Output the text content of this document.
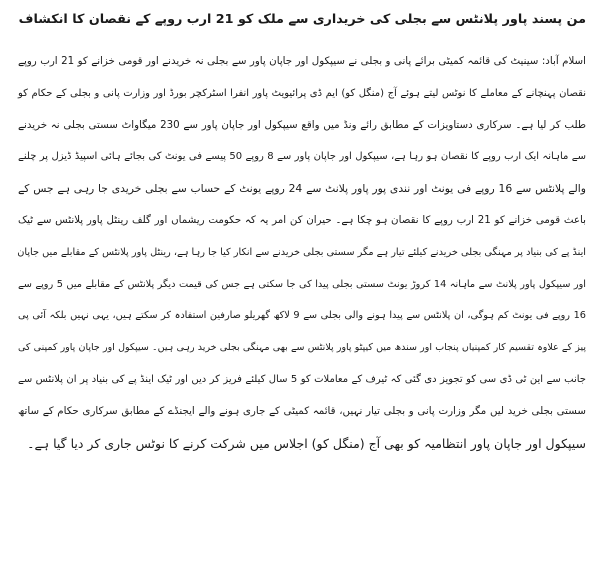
من پسند پاور پلانٹس سے بجلی کی خریداری سے ملک کو 21 ارب روپے کے نقصان کا انکشاف
اسلام آباد: سینیٹ کی قائمہ کمیٹی برائے پانی و بجلی نے سیپکول اور جاپان پاور سے بجلی نہ خریدنے اور قومی خزانے کو 21 ارب روپے
نقصان پہنچانے کے معاملے کا نوٹس لیتے ہوئے آج (منگل کو) ایم ڈی پرائیویٹ پاور انفرا اسٹرکچر بورڈ اور وزارت پانی و بجلی کے حکام کو
طلب کر لیا ہے۔ سرکاری دستاویزات کے مطابق رائے ونڈ میں واقع سیپکول اور جاپان پاور سے 230 میگاواٹ سستی بجلی نہ خریدنے
سے ماہانہ ایک ارب روپے کا نقصان ہو رہا ہے، سیپکول اور جاپان پاور سے 8 روپے 50 پیسے فی یونٹ کی بجائے ہائی اسپیڈ ڈیزل پر چلنے
والے پلانٹس سے 16 روپے فی یونٹ اور نندی پور پاور پلانٹ سے 24 روپے یونٹ کے حساب سے بجلی خریدی جا رہی ہے جس کے
باعث قومی خزانے کو 21 ارب روپے کا نقصان ہو چکا ہے۔ حیران کن امر یہ کہ حکومت ریشماں اور گلف رینٹل پاور پلانٹس سے ٹیک
اینڈ پے کی بنیاد پر مہنگی بجلی خریدنے کیلئے تیار ہے مگر سستی بجلی خریدنے سے انکار کیا جا رہا ہے، رینٹل پاور پلانٹس کے مقابلے میں جاپان
اور سیپکول پاور پلانٹ سے ماہانہ 14 کروڑ یونٹ سستی بجلی پیدا کی جا سکتی ہے جس کی قیمت دیگر پلانٹس کے مقابلے میں 5 روپے سے
16 روپے فی یونٹ کم ہوگی، ان پلانٹس سے پیدا ہونے والی بجلی سے 9 لاکھ گھریلو صارفین استفادہ کر سکتے ہیں، یہی نہیں بلکہ آئی پی
پیز کے علاوہ تقسیم کار کمپنیاں پنجاب اور سندھ میں کیپٹو پاور پلانٹس سے بھی مہنگی بجلی خرید رہی ہیں۔ سیپکول اور جاپان پاور کمپنی کی
جانب سے این ٹی ڈی سی کو تجویز دی گئی کہ ٹیرف کے معاملات کو 5 سال کیلئے فریز کر دیں اور ٹیک اینڈ پے کی بنیاد پر ان پلانٹس سے
سستی بجلی خرید لیں مگر وزارت پانی و بجلی تیار نہیں، قائمہ کمیٹی کے جاری ہونے والے ایجنڈے کے مطابق سرکاری حکام کے ساتھ
سیپکول اور جاپان پاور انتظامیہ کو بھی آج (منگل کو) اجلاس میں شرکت کرنے کا نوٹس جاری کر دیا گیا ہے۔
